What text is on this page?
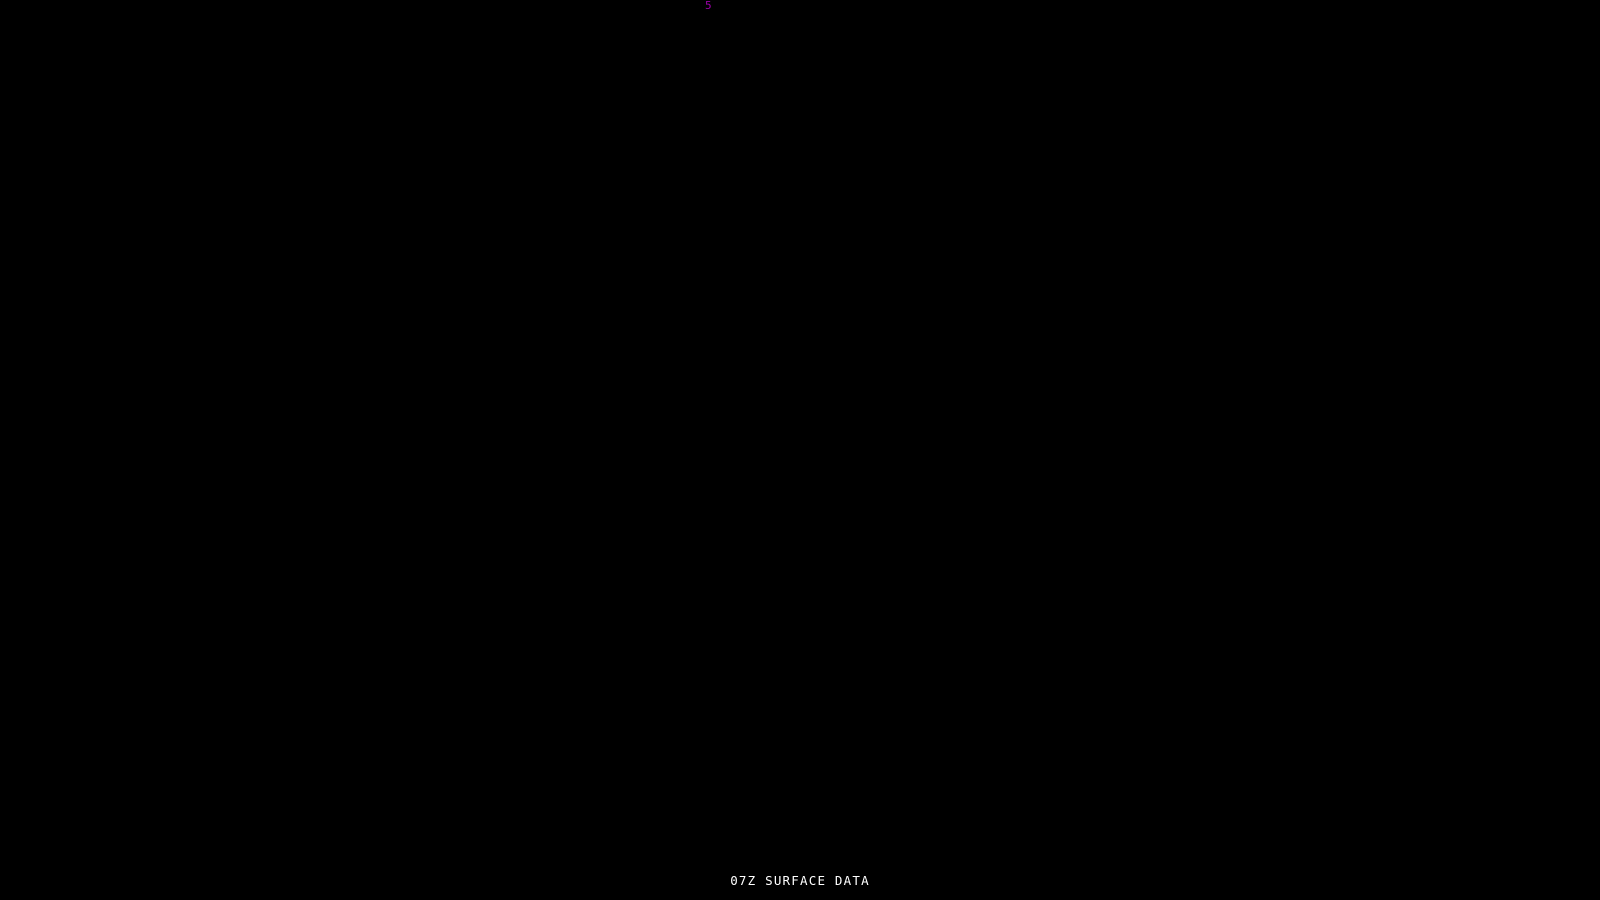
5
07Z SURFACE DATA
